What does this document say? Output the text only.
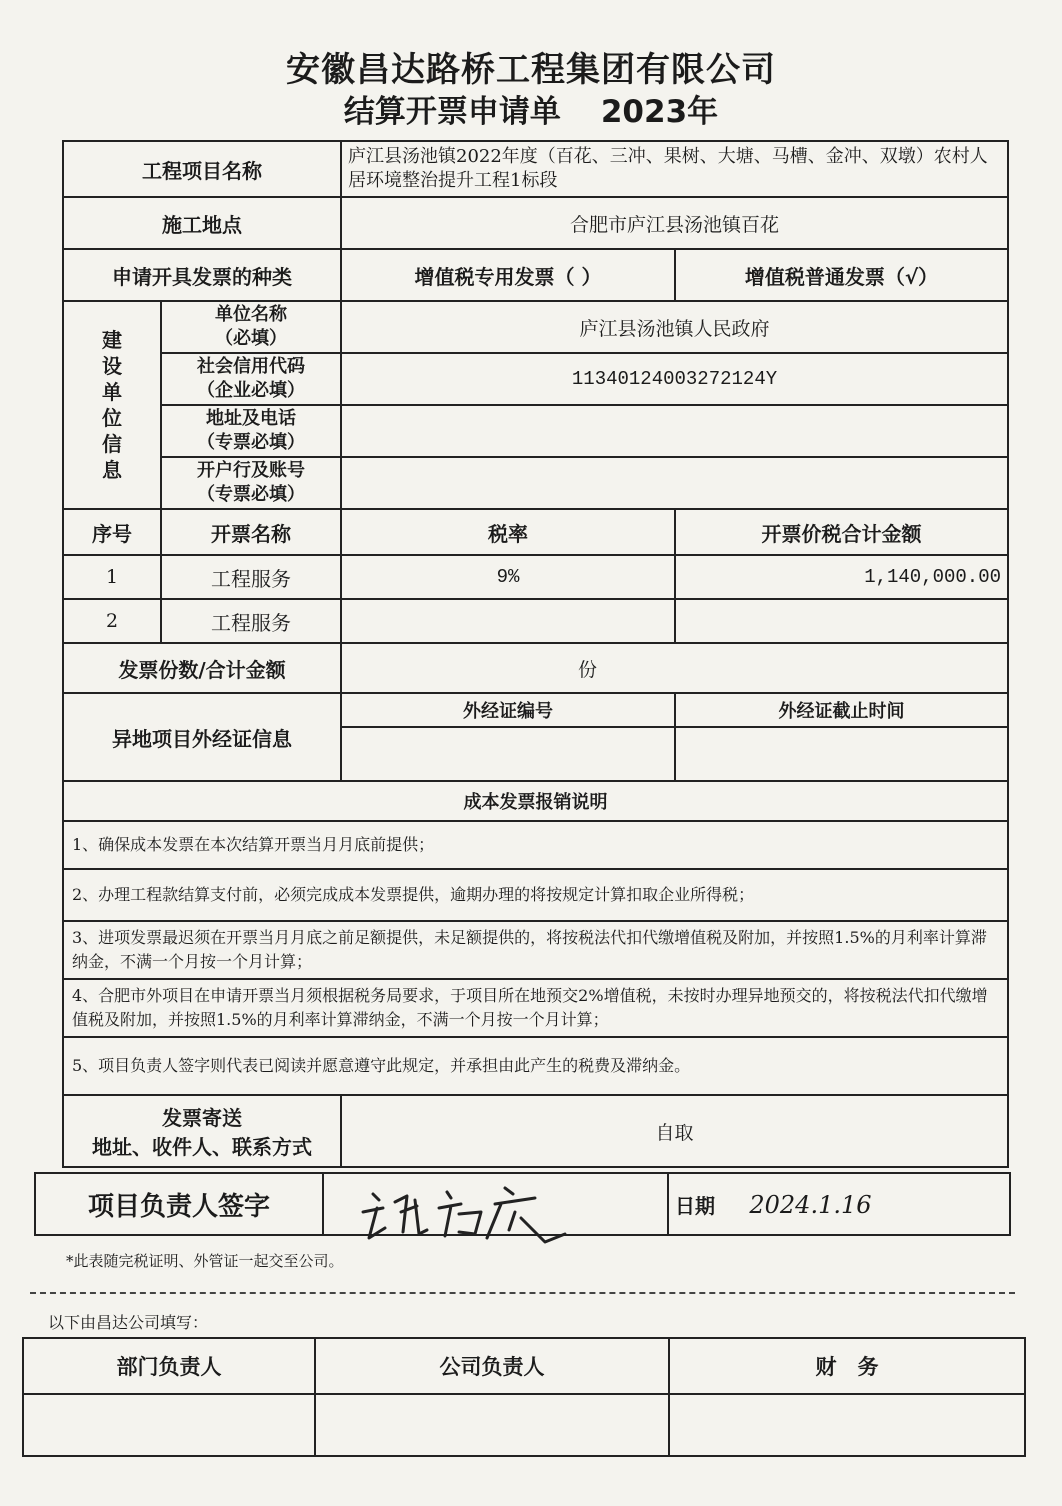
安徽昌达路桥工程集团有限公司
结算开票申请单 2023年
工程项目名称		庐江县汤池镇2022年度（百花、三冲、果树、大塘、马槽、金冲、双墩）农村人居环境整治提升工程1标段	
施工地点		合肥市庐江县汤池镇百花	
申请开具发票的种类		增值税专用发票（ ）	增值税普通发票（√）

建设单位信息	单位名称
（必填）	庐江县汤池镇人民政府	

	社会信用代码
（企业必填）	11340124003272124Y	

	地址及电话
（专票必填）		

	开户行及账号
（专票必填）		

序号	开票名称	税率	开票价税合计金额
1	工程服务	9%	1,140,000.00
2	工程服务		
发票份数/合计金额		份	
异地项目外经证信息		外经证编号	外经证截止时间

成本发票报销说明			
1、确保成本发票在本次结算开票当月月底前提供；			
2、办理工程款结算支付前，必须完成成本发票提供，逾期办理的将按规定计算扣取企业所得税；			
3、进项发票最迟须在开票当月月底之前足额提供，未足额提供的，将按税法代扣代缴增值税及附加，并按照1.5%的月利率计算滞纳金，不满一个月按一个月计算；			
4、合肥市外项目在申请开票当月须根据税务局要求，于项目所在地预交2%增值税，未按时办理异地预交的，将按税法代扣代缴增值税及附加，并按照1.5%的月利率计算滞纳金，不满一个月按一个月计算；			
5、项目负责人签字则代表已阅读并愿意遵守此规定，并承担由此产生的税费及滞纳金。			

发票寄送
地址、收件人、联系方式		自取	
项目负责人签字		日期 2024.1.16
*此表随完税证明、外管证一起交至公司。
以下由昌达公司填写：
部门负责人	公司负责人	财　务
